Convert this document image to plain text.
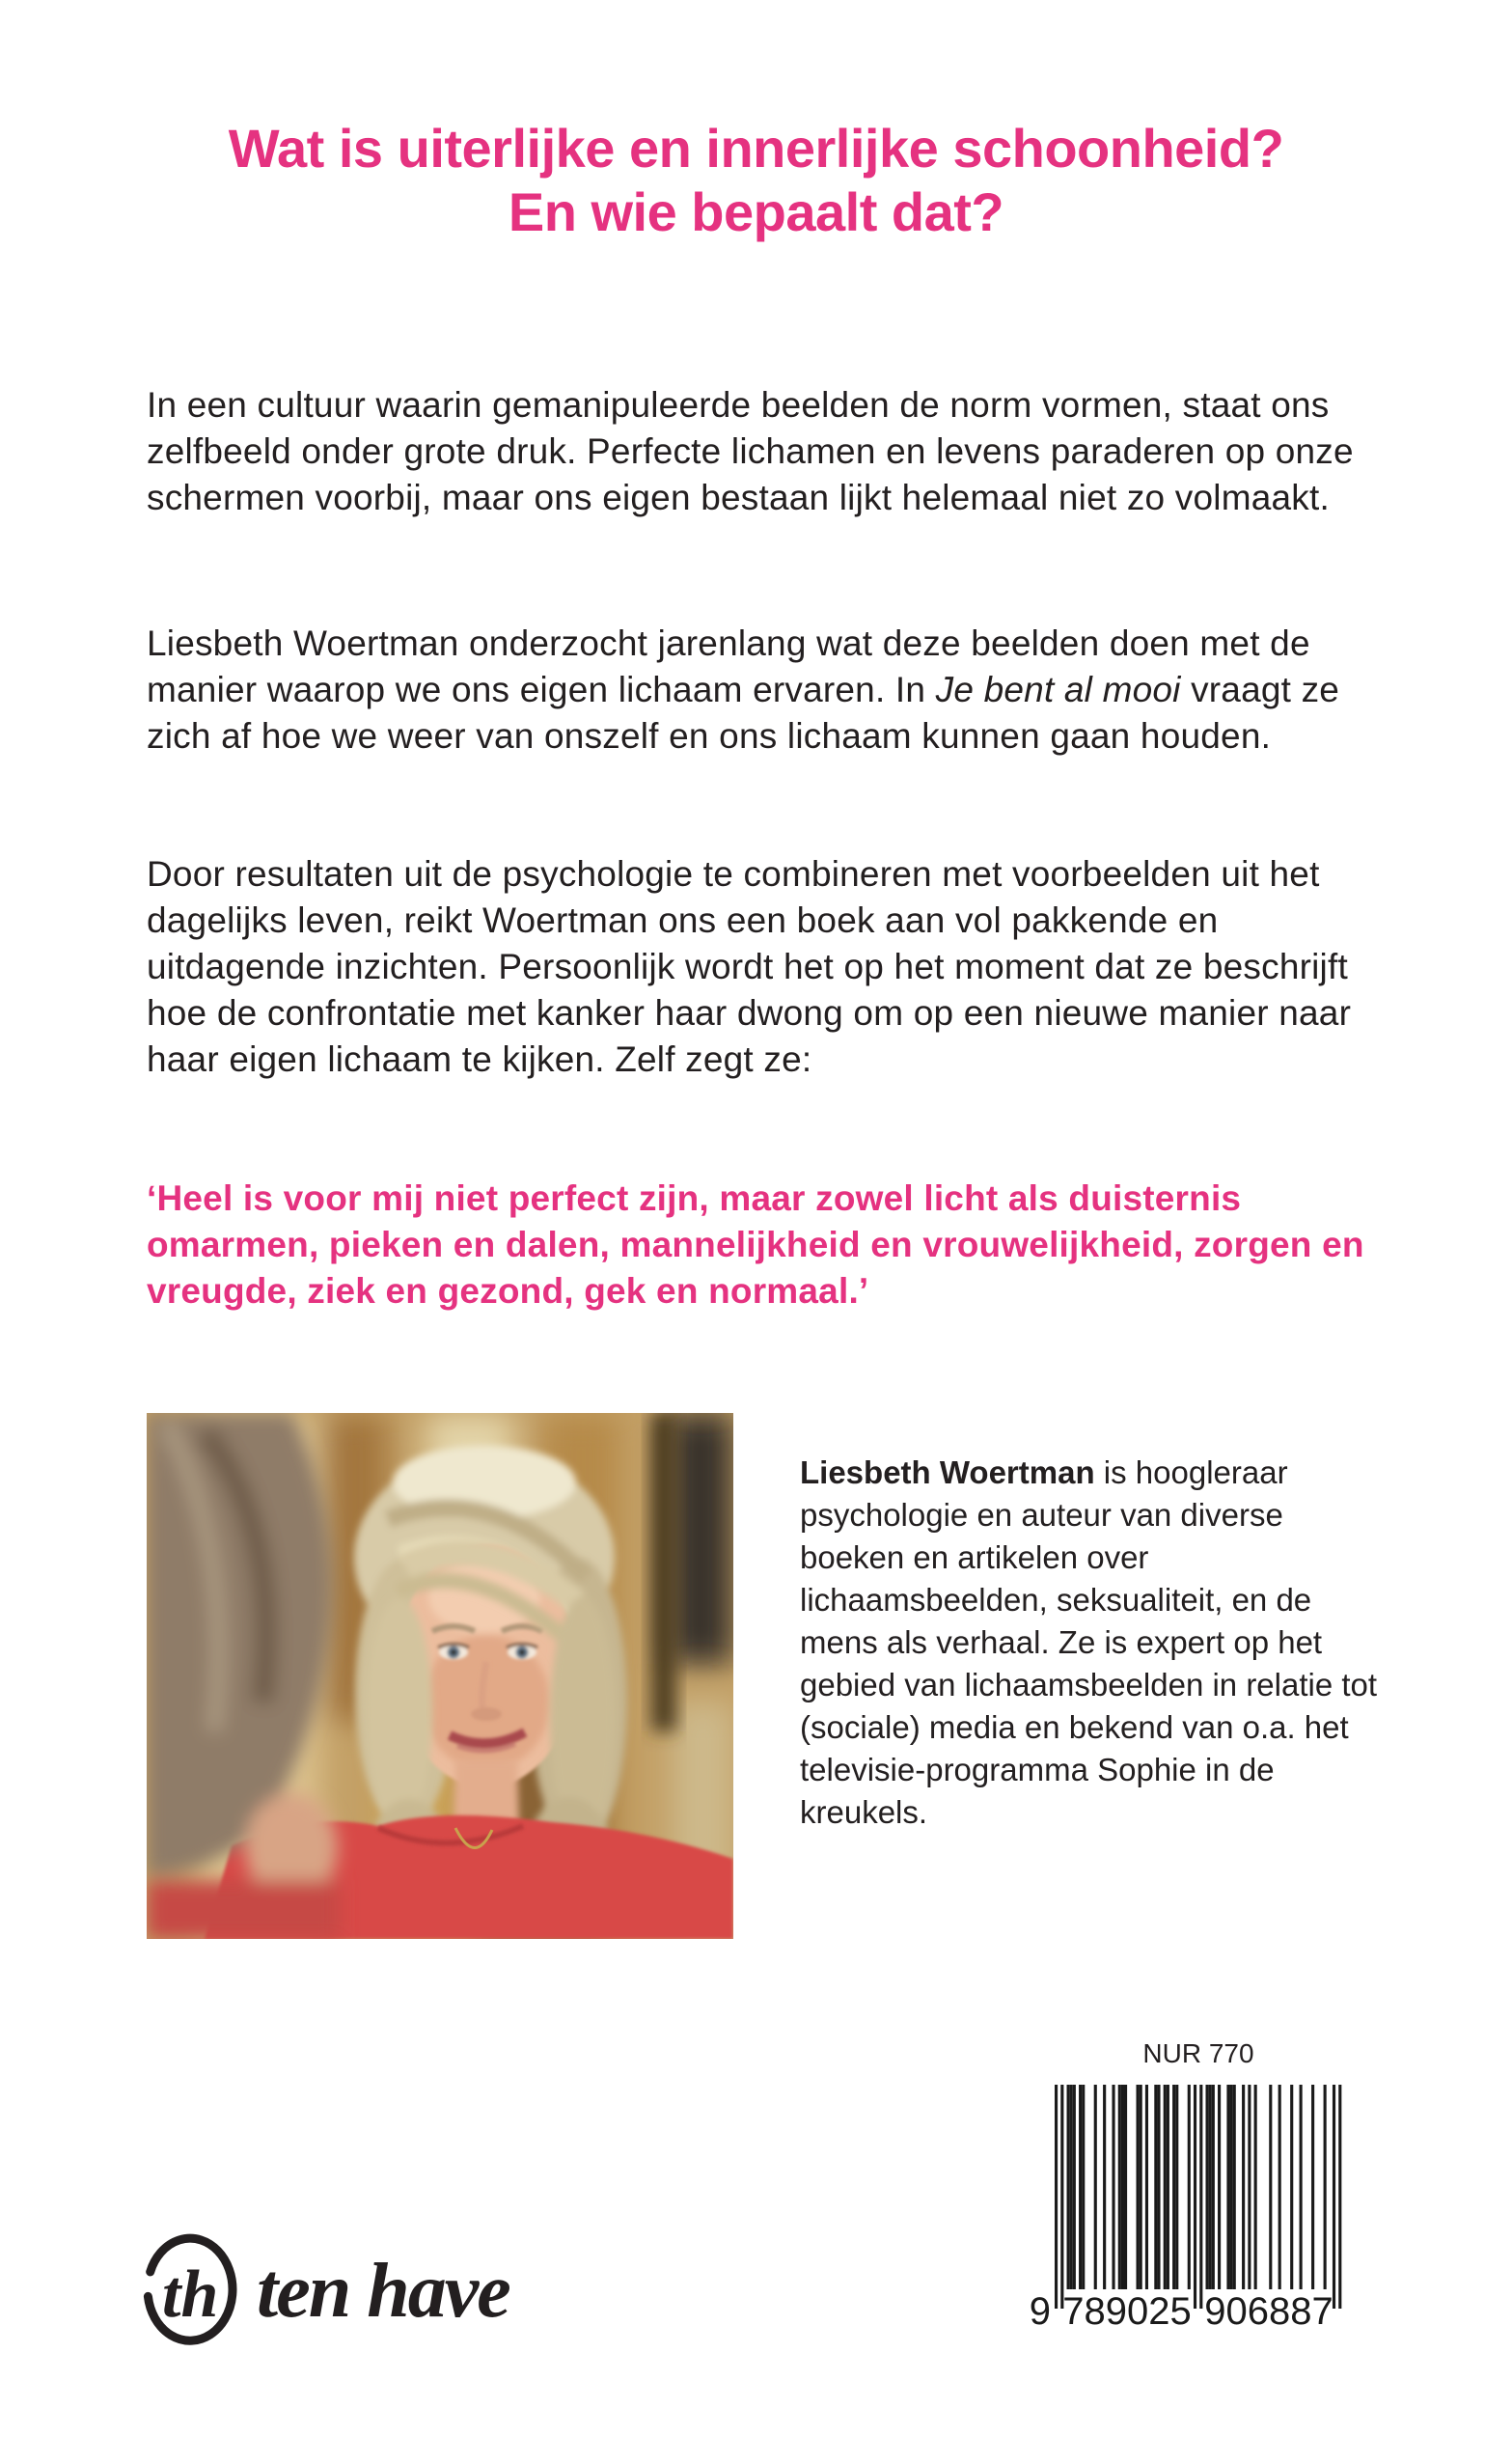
Wat is uiterlijke en innerlijke schoonheid?
En wie bepaalt dat?
In een cultuur waarin gemanipuleerde beelden de norm vormen, staat ons zelfbeeld onder grote druk. Perfecte lichamen en levens paraderen op onze schermen voorbij, maar ons eigen bestaan lijkt helemaal niet zo volmaakt.
Liesbeth Woertman onderzocht jarenlang wat deze beelden doen met de manier waarop we ons eigen lichaam ervaren. In Je bent al mooi vraagt ze zich af hoe we weer van onszelf en ons lichaam kunnen gaan houden.
Door resultaten uit de psychologie te combineren met voorbeelden uit het dagelijks leven, reikt Woertman ons een boek aan vol pakkende en uitdagende inzichten. Persoonlijk wordt het op het moment dat ze beschrijft hoe de confrontatie met kanker haar dwong om op een nieuwe manier naar haar eigen lichaam te kijken. Zelf zegt ze:
‘Heel is voor mij niet perfect zijn, maar zowel licht als duisternis omarmen, pieken en dalen, mannelijkheid en vrouwelijkheid, zorgen en vreugde, ziek en gezond, gek en normaal.’
Liesbeth Woertman is hoogleraar psychologie en auteur van diverse boeken en artikelen over lichaamsbeelden, seksualiteit, en de mens als verhaal. Ze is expert op het gebied van lichaamsbeelden in relatie tot (sociale) media en bekend van o.a. het televisie-programma Sophie in de kreukels.
NUR 770
9 789025 906887
th ten have
